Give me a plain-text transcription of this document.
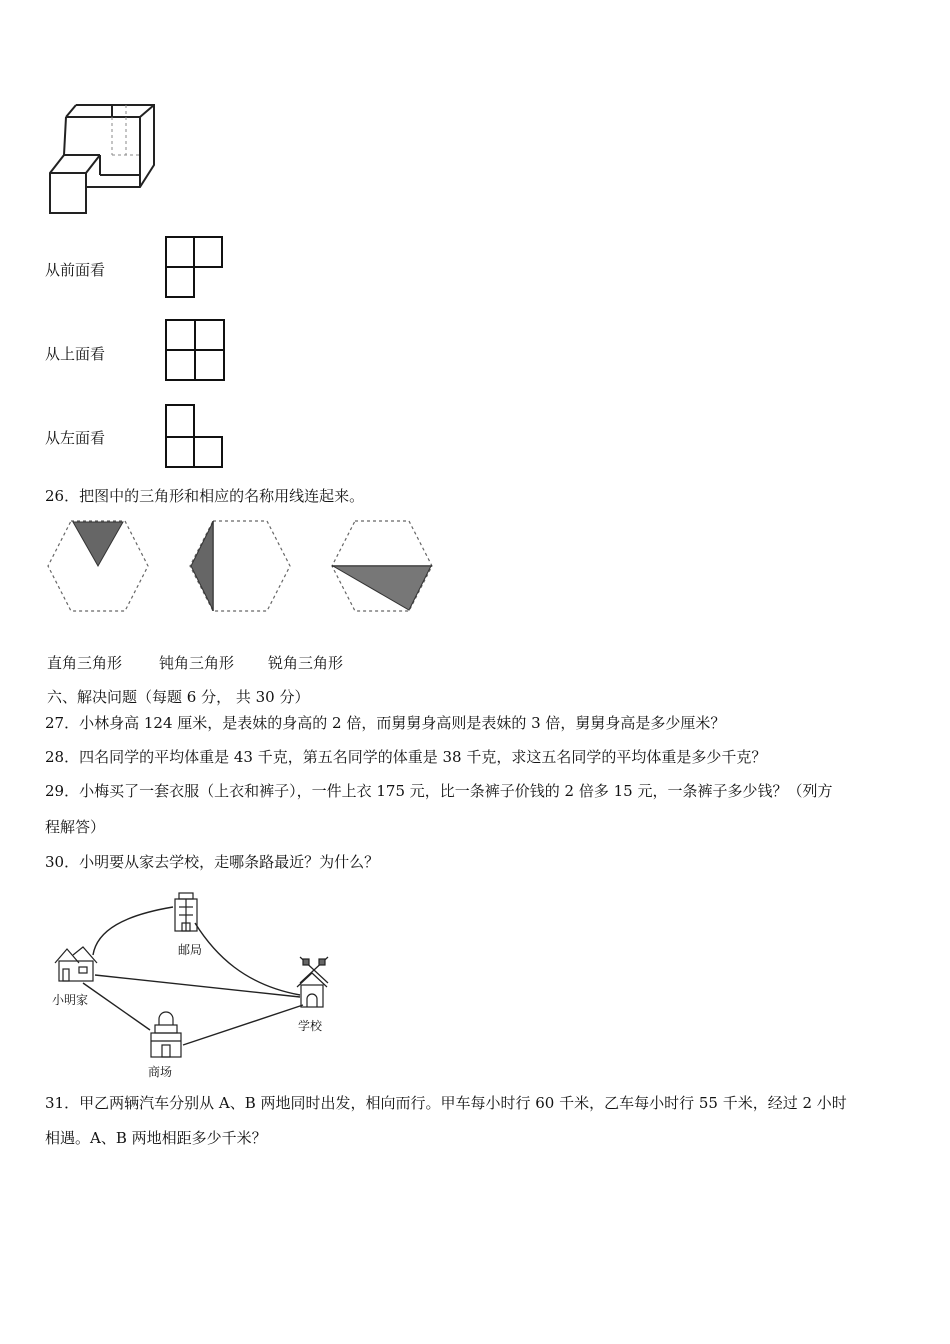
从前面看
从上面看
从左面看
26．把图中的三角形和相应的名称用线连起来。
直角三角形 钝角三角形 锐角三角形
六、解决问题（每题 6 分， 共 30 分）
27．小林身高 124 厘米，是表妹的身高的 2 倍，而舅舅身高则是表妹的 3 倍，舅舅身高是多少厘米？
28．四名同学的平均体重是 43 千克，第五名同学的体重是 38 千克，求这五名同学的平均体重是多少千克？
29．小梅买了一套衣服（上衣和裤子），一件上衣 175 元，比一条裤子价钱的 2 倍多 15 元，一条裤子多少钱？（列方
程解答）
30．小明要从家去学校，走哪条路最近？为什么？
邮局
小明家
学校
商场
31．甲乙两辆汽车分别从 A、B 两地同时出发，相向而行。甲车每小时行 60 千米，乙车每小时行 55 千米，经过 2 小时
相遇。A、B 两地相距多少千米？
